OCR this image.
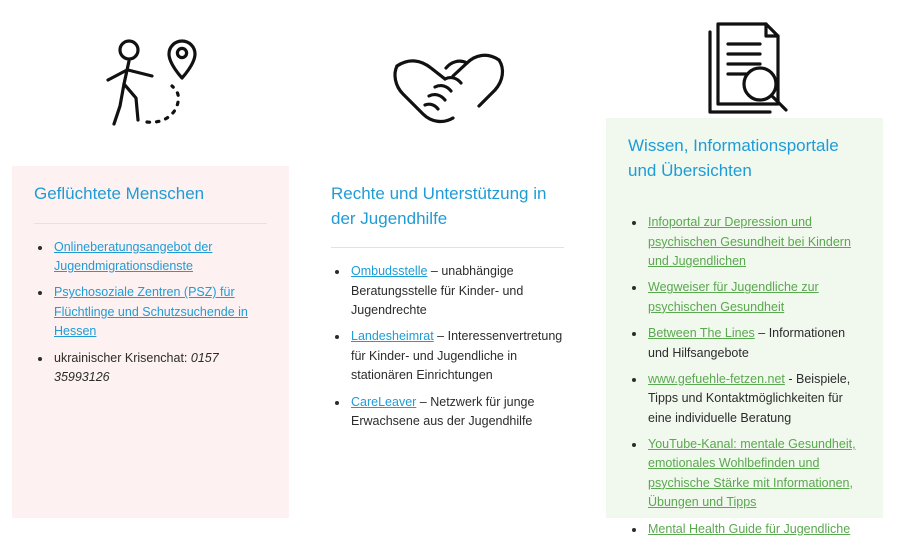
Geflüchtete Menschen
• Onlineberatungsangebot der Jugendmigrationsdienste
• Psychosoziale Zentren (PSZ) für Flüchtlinge und Schutzsuchende in Hessen
• ukrainischer Krisenchat: 0157 35993126
Rechte und Unterstützung in der Jugendhilfe
• Ombudsstelle – unabhängige Beratungsstelle für Kinder- und Jugendrechte
• Landesheimrat – Interessenvertretung für Kinder- und Jugendliche in stationären Einrichtungen
• CareLeaver – Netzwerk für junge Erwachsene aus der Jugendhilfe
Wissen, Informationsportale und Übersichten
• Infoportal zur Depression und psychischen Gesundheit bei Kindern und Jugendlichen
• Wegweiser für Jugendliche zur psychischen Gesundheit
• Between The Lines – Informationen und Hilfsangebote
• www.gefuehle-fetzen.net - Beispiele, Tipps und Kontaktmöglichkeiten für eine individuelle Beratung
• YouTube-Kanal: mentale Gesundheit, emotionales Wohlbefinden und psychische Stärke mit Informationen, Übungen und Tipps
• Mental Health Guide für Jugendliche
